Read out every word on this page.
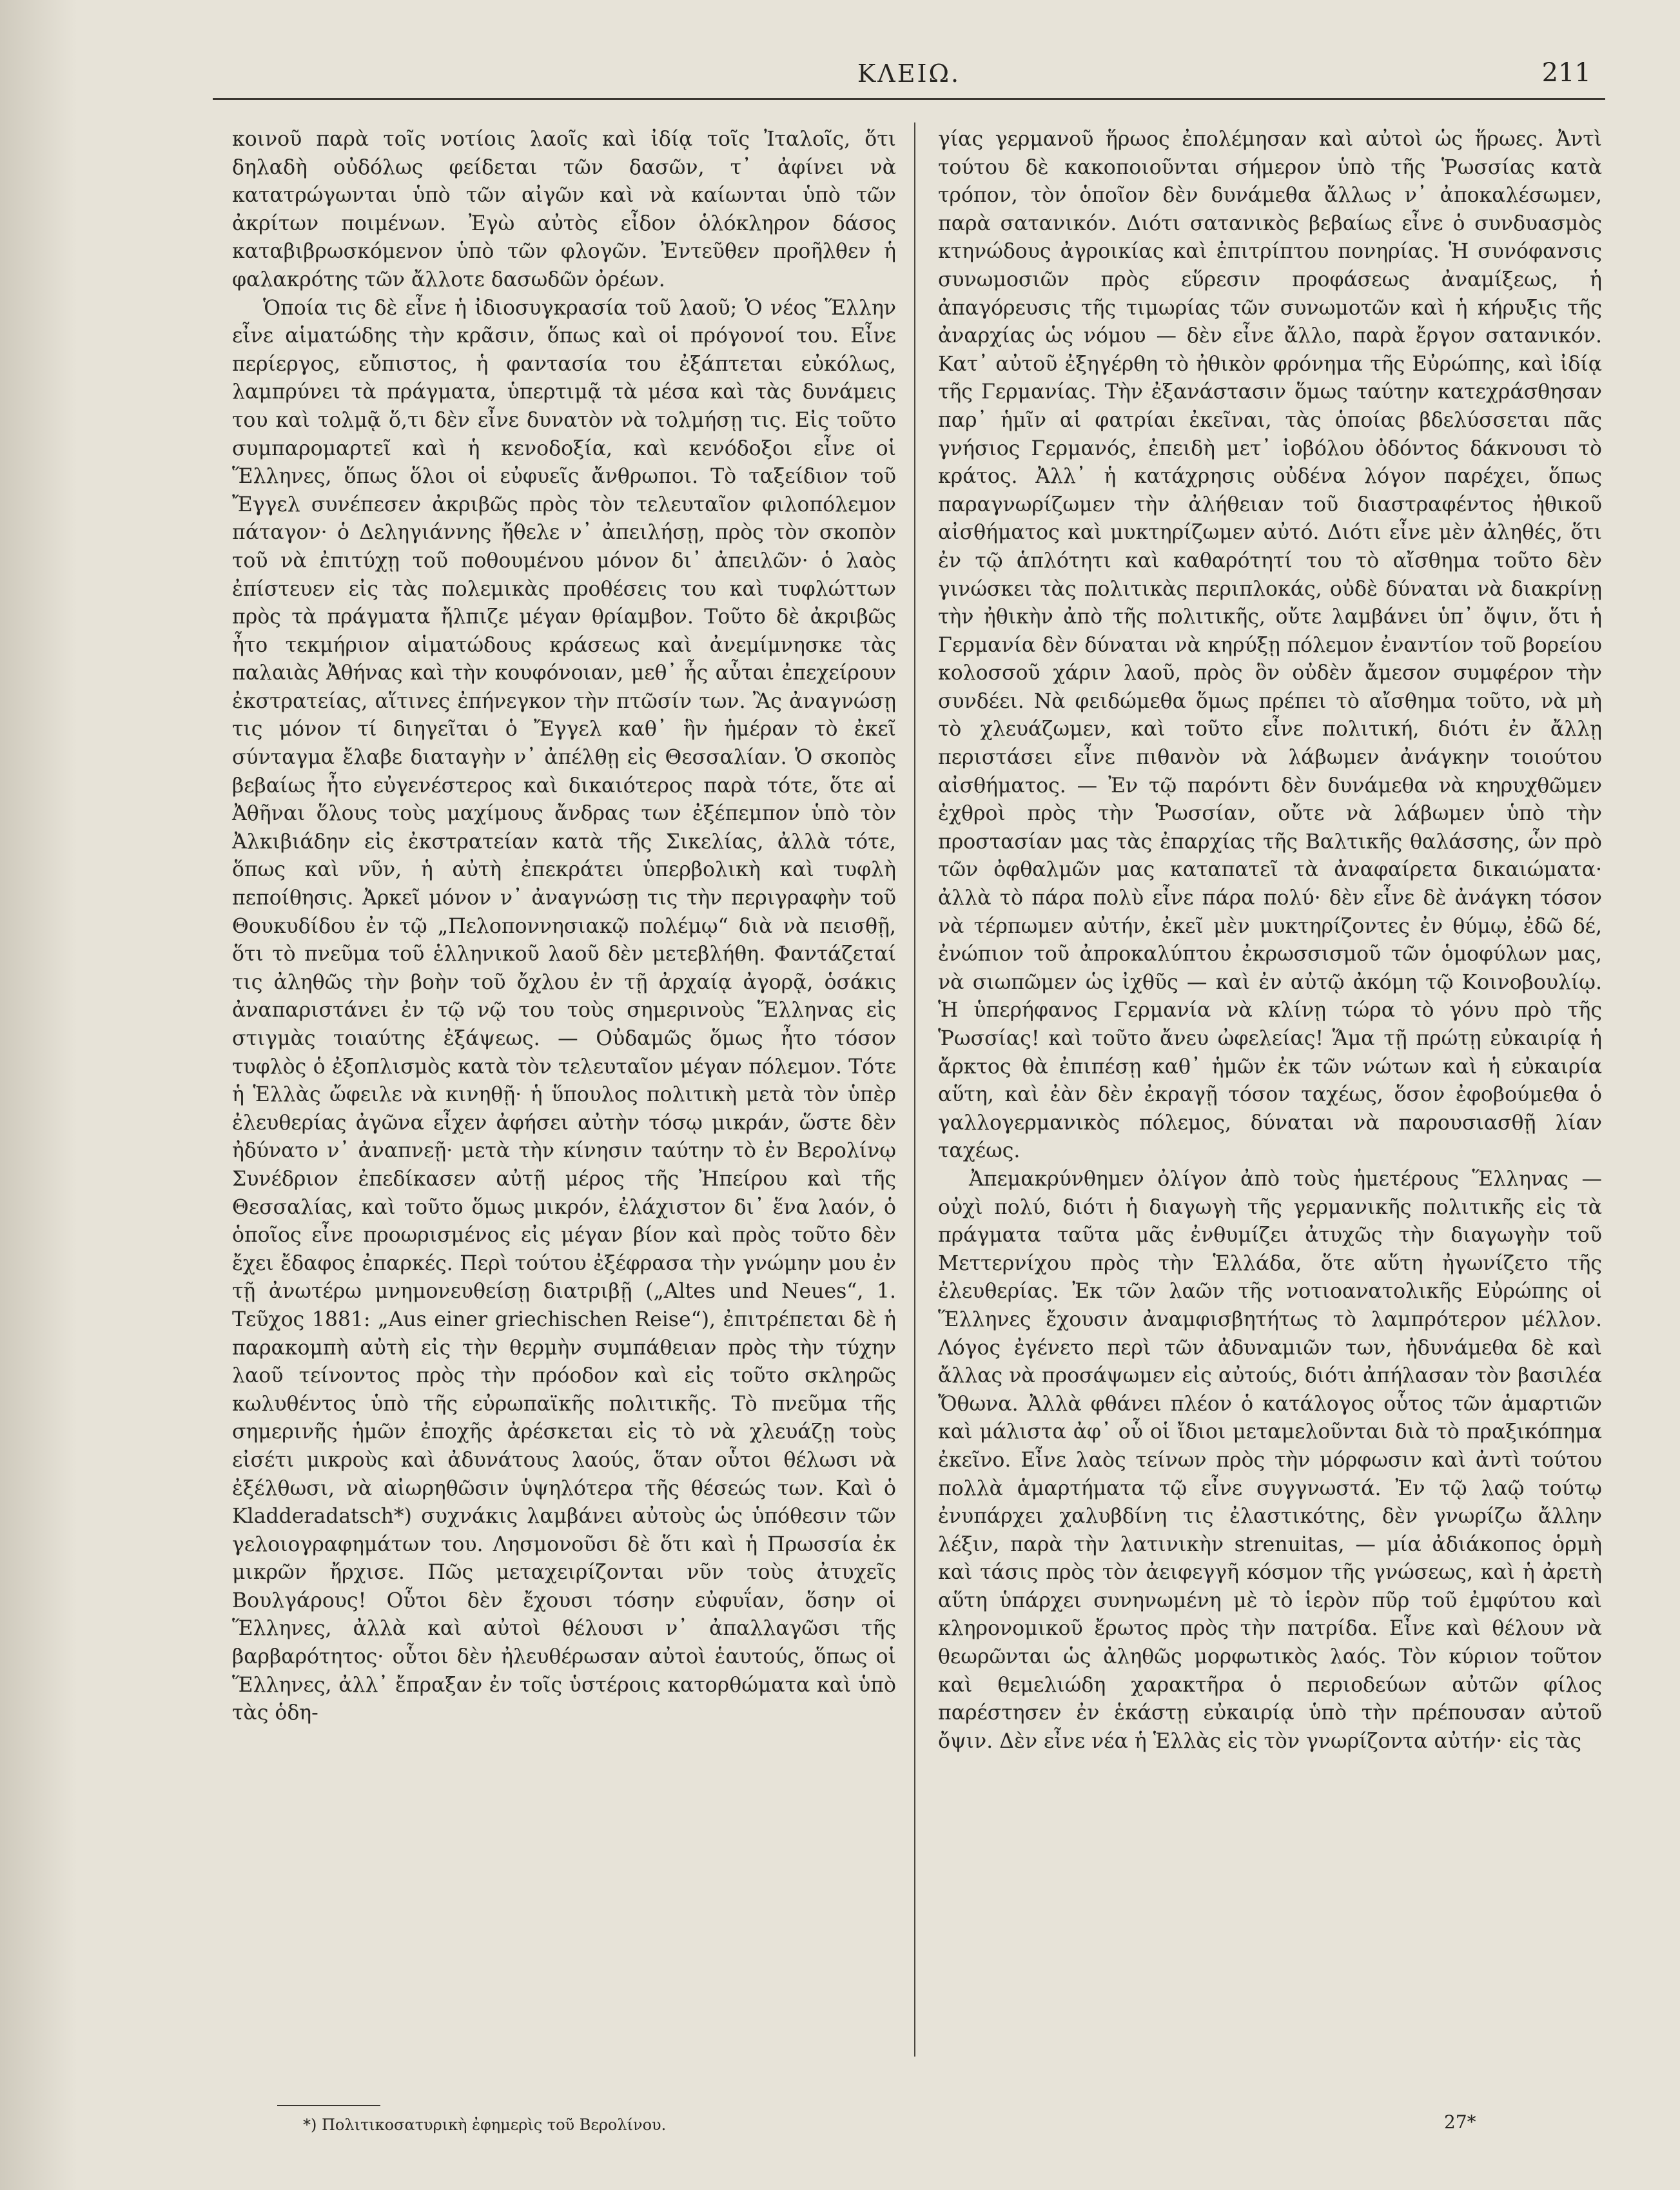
ΚΛΕΙΩ.	211

κοινοῦ παρὰ τοῖς νοτίοις λαοῖς καὶ ἰδίᾳ τοῖς Ἰταλοῖς, ὅτι δηλαδὴ οὐδόλως φείδεται τῶν δασῶν, τ᾿ ἀφίνει νὰ κατατρώγωνται ὑπὸ τῶν αἰγῶν καὶ νὰ καίωνται ὑπὸ τῶν ἀκρίτων ποιμένων. Ἐγὼ αὐτὸς εἶδον ὁλόκληρον δάσος καταβιβρωσκόμενον ὑπὸ τῶν φλογῶν. Ἐντεῦθεν προῆλθεν ἡ φαλακρότης τῶν ἄλλοτε δασωδῶν ὀρέων.

Ὁποία τις δὲ εἶνε ἡ ἰδιοσυγκρασία τοῦ λαοῦ; Ὁ νέος Ἕλλην εἶνε αἱματώδης τὴν κρᾶσιν, ὅπως καὶ οἱ πρόγονοί του. Εἶνε περίεργος, εὔπιστος, ἡ φαντασία του ἐξάπτεται εὐκόλως, λαμπρύνει τὰ πράγματα, ὑπερτιμᾷ τὰ μέσα καὶ τὰς δυνάμεις του καὶ τολμᾷ ὅ,τι δὲν εἶνε δυνατὸν νὰ τολμήσῃ τις. Εἰς τοῦτο συμπαρομαρτεῖ καὶ ἡ κενοδοξία, καὶ κενόδοξοι εἶνε οἱ Ἕλληνες, ὅπως ὅλοι οἱ εὐφυεῖς ἄνθρωποι. Τὸ ταξείδιον τοῦ Ἔγγελ συνέπεσεν ἀκριβῶς πρὸς τὸν τελευταῖον φιλοπόλεμον πάταγον· ὁ Δεληγιάννης ἤθελε ν᾿ ἀπειλήσῃ, πρὸς τὸν σκοπὸν τοῦ νὰ ἐπιτύχῃ τοῦ ποθουμένου μόνον δι᾿ ἀπειλῶν· ὁ λαὸς ἐπίστευεν εἰς τὰς πολεμικὰς προθέσεις του καὶ τυφλώττων πρὸς τὰ πράγματα ἤλπιζε μέγαν θρίαμβον. Τοῦτο δὲ ἀκριβῶς ἦτο τεκμήριον αἱματώδους κράσεως καὶ ἀνεμίμνησκε τὰς παλαιὰς Ἀθήνας καὶ τὴν κουφόνοιαν, μεθ᾿ ἧς αὗται ἐπεχείρουν ἐκστρατείας, αἵτινες ἐπήνεγκον τὴν πτῶσίν των. Ἂς ἀναγνώσῃ τις μόνον τί διηγεῖται ὁ Ἔγγελ καθ᾿ ἣν ἡμέραν τὸ ἐκεῖ σύνταγμα ἔλαβε διαταγὴν ν᾿ ἀπέλθῃ εἰς Θεσσαλίαν. Ὁ σκοπὸς βεβαίως ἦτο εὐγενέστερος καὶ δικαιότερος παρὰ τότε, ὅτε αἱ Ἀθῆναι ὅλους τοὺς μαχίμους ἄνδρας των ἐξέπεμπον ὑπὸ τὸν Ἀλκιβιάδην εἰς ἐκστρατείαν κατὰ τῆς Σικελίας, ἀλλὰ τότε, ὅπως καὶ νῦν, ἡ αὐτὴ ἐπεκράτει ὑπερβολικὴ καὶ τυφλὴ πεποίθησις. Ἀρκεῖ μόνον ν᾿ ἀναγνώσῃ τις τὴν περιγραφὴν τοῦ Θουκυδίδου ἐν τῷ „Πελοποννησιακῷ πολέμῳ“ διὰ νὰ πεισθῇ, ὅτι τὸ πνεῦμα τοῦ ἑλληνικοῦ λαοῦ δὲν μετεβλήθη. Φαντάζεταί τις ἀληθῶς τὴν βοὴν τοῦ ὄχλου ἐν τῇ ἀρχαίᾳ ἀγορᾷ, ὁσάκις ἀναπαριστάνει ἐν τῷ νῷ του τοὺς σημερινοὺς Ἕλληνας εἰς στιγμὰς τοιαύτης ἐξάψεως. — Οὐδαμῶς ὅμως ἦτο τόσον τυφλὸς ὁ ἐξοπλισμὸς κατὰ τὸν τελευταῖον μέγαν πόλεμον. Τότε ἡ Ἑλλὰς ὤφειλε νὰ κινηθῇ· ἡ ὕπουλος πολιτικὴ μετὰ τὸν ὑπὲρ ἐλευθερίας ἀγῶνα εἶχεν ἀφήσει αὐτὴν τόσῳ μικράν, ὥστε δὲν ἠδύνατο ν᾿ ἀναπνεῇ· μετὰ τὴν κίνησιν ταύτην τὸ ἐν Βερολίνῳ Συνέδριον ἐπεδίκασεν αὐτῇ μέρος τῆς Ἠπείρου καὶ τῆς Θεσσαλίας, καὶ τοῦτο ὅμως μικρόν, ἐλάχιστον δι᾿ ἕνα λαόν, ὁ ὁποῖος εἶνε προωρισμένος εἰς μέγαν βίον καὶ πρὸς τοῦτο δὲν ἔχει ἔδαφος ἐπαρκές. Περὶ τούτου ἐξέφρασα τὴν γνώμην μου ἐν τῇ ἀνωτέρω μνημονευθείσῃ διατριβῇ („Altes und Neues“, 1. Τεῦχος 1881: „Aus einer griechischen Reise“), ἐπιτρέπεται δὲ ἡ παρακομπὴ αὐτὴ εἰς τὴν θερμὴν συμπάθειαν πρὸς τὴν τύχην λαοῦ τείνοντος πρὸς τὴν πρόοδον καὶ εἰς τοῦτο σκληρῶς κωλυθέντος ὑπὸ τῆς εὐρωπαϊκῆς πολιτικῆς. Τὸ πνεῦμα τῆς σημερινῆς ἡμῶν ἐποχῆς ἀρέσκεται εἰς τὸ νὰ χλευάζῃ τοὺς εἰσέτι μικροὺς καὶ ἀδυνάτους λαούς, ὅταν οὗτοι θέλωσι νὰ ἐξέλθωσι, νὰ αἰωρηθῶσιν ὑψηλότερα τῆς θέσεώς των. Καὶ ὁ Kladderadatsch*) συχνάκις λαμβάνει αὐτοὺς ὡς ὑπόθεσιν τῶν γελοιογραφημάτων του. Λησμονοῦσι δὲ ὅτι καὶ ἡ Πρωσσία ἐκ μικρῶν ἤρχισε. Πῶς μεταχειρίζονται νῦν τοὺς ἀτυχεῖς Βουλγάρους! Οὗτοι δὲν ἔχουσι τόσην εὐφυΐαν, ὅσην οἱ Ἕλληνες, ἀλλὰ καὶ αὐτοὶ θέλουσι ν᾿ ἀπαλλαγῶσι τῆς βαρβαρότητος· οὗτοι δὲν ἠλευθέρωσαν αὐτοὶ ἑαυτούς, ὅπως οἱ Ἕλληνες, ἀλλ᾿ ἔπραξαν ἐν τοῖς ὑστέροις κατορθώματα καὶ ὑπὸ τὰς ὁδη-

γίας γερμανοῦ ἥρωος ἐπολέμησαν καὶ αὐτοὶ ὡς ἥρωες. Ἀντὶ τούτου δὲ κακοποιοῦνται σήμερον ὑπὸ τῆς Ῥωσσίας κατὰ τρόπον, τὸν ὁποῖον δὲν δυνάμεθα ἄλλως ν᾿ ἀποκαλέσωμεν, παρὰ σατανικόν. Διότι σατανικὸς βεβαίως εἶνε ὁ συνδυασμὸς κτηνώδους ἀγροικίας καὶ ἐπιτρίπτου πονηρίας. Ἡ συνόφανσις συνωμοσιῶν πρὸς εὕρεσιν προφάσεως ἀναμίξεως, ἡ ἀπαγόρευσις τῆς τιμωρίας τῶν συνωμοτῶν καὶ ἡ κήρυξις τῆς ἀναρχίας ὡς νόμου — δὲν εἶνε ἄλλο, παρὰ ἔργον σατανικόν. Κατ᾿ αὐτοῦ ἐξηγέρθη τὸ ἠθικὸν φρόνημα τῆς Εὐρώπης, καὶ ἰδίᾳ τῆς Γερμανίας. Τὴν ἐξανάστασιν ὅμως ταύτην κατεχράσθησαν παρ᾿ ἡμῖν αἱ φατρίαι ἐκεῖναι, τὰς ὁποίας βδελύσσεται πᾶς γνήσιος Γερμανός, ἐπειδὴ μετ᾿ ἰοβόλου ὀδόντος δάκνουσι τὸ κράτος. Ἀλλ᾿ ἡ κατάχρησις οὐδένα λόγον παρέχει, ὅπως παραγνωρίζωμεν τὴν ἀλήθειαν τοῦ διαστραφέντος ἠθικοῦ αἰσθήματος καὶ μυκτηρίζωμεν αὐτό. Διότι εἶνε μὲν ἀληθές, ὅτι ἐν τῷ ἁπλότητι καὶ καθαρότητί του τὸ αἴσθημα τοῦτο δὲν γινώσκει τὰς πολιτικὰς περιπλοκάς, οὐδὲ δύναται νὰ διακρίνῃ τὴν ἠθικὴν ἀπὸ τῆς πολιτικῆς, οὔτε λαμβάνει ὑπ᾿ ὄψιν, ὅτι ἡ Γερμανία δὲν δύναται νὰ κηρύξῃ πόλεμον ἐναντίον τοῦ βορείου κολοσσοῦ χάριν λαοῦ, πρὸς ὃν οὐδὲν ἄμεσον συμφέρον τὴν συνδέει. Νὰ φειδώμεθα ὅμως πρέπει τὸ αἴσθημα τοῦτο, νὰ μὴ τὸ χλευάζωμεν, καὶ τοῦτο εἶνε πολιτική, διότι ἐν ἄλλῃ περιστάσει εἶνε πιθανὸν νὰ λάβωμεν ἀνάγκην τοιούτου αἰσθήματος. — Ἐν τῷ παρόντι δὲν δυνάμεθα νὰ κηρυχθῶμεν ἐχθροὶ πρὸς τὴν Ῥωσσίαν, οὔτε νὰ λάβωμεν ὑπὸ τὴν προστασίαν μας τὰς ἐπαρχίας τῆς Βαλτικῆς θαλάσσης, ὧν πρὸ τῶν ὀφθαλμῶν μας καταπατεῖ τὰ ἀναφαίρετα δικαιώματα· ἀλλὰ τὸ πάρα πολὺ εἶνε πάρα πολύ· δὲν εἶνε δὲ ἀνάγκη τόσον νὰ τέρπωμεν αὐτήν, ἐκεῖ μὲν μυκτηρίζοντες ἐν θύμῳ, ἐδῶ δέ, ἐνώπιον τοῦ ἀπροκαλύπτου ἐκρωσσισμοῦ τῶν ὁμοφύλων μας, νὰ σιωπῶμεν ὡς ἰχθῦς — καὶ ἐν αὐτῷ ἀκόμη τῷ Κοινοβουλίῳ. Ἡ ὑπερήφανος Γερμανία νὰ κλίνῃ τώρα τὸ γόνυ πρὸ τῆς Ῥωσσίας! καὶ τοῦτο ἄνευ ὠφελείας! Ἅμα τῇ πρώτῃ εὐκαιρίᾳ ἡ ἄρκτος θὰ ἐπιπέσῃ καθ᾿ ἡμῶν ἐκ τῶν νώτων καὶ ἡ εὐκαιρία αὕτη, καὶ ἐὰν δὲν ἐκραγῇ τόσον ταχέως, ὅσον ἐφοβούμεθα ὁ γαλλογερμανικὸς πόλεμος, δύναται νὰ παρουσιασθῇ λίαν ταχέως.

Ἀπεμακρύνθημεν ὀλίγον ἀπὸ τοὺς ἡμετέρους Ἕλληνας — οὐχὶ πολύ, διότι ἡ διαγωγὴ τῆς γερμανικῆς πολιτικῆς εἰς τὰ πράγματα ταῦτα μᾶς ἐνθυμίζει ἀτυχῶς τὴν διαγωγὴν τοῦ Μεττερνίχου πρὸς τὴν Ἑλλάδα, ὅτε αὕτη ἠγωνίζετο τῆς ἐλευθερίας. Ἐκ τῶν λαῶν τῆς νοτιοανατολικῆς Εὐρώπης οἱ Ἕλληνες ἔχουσιν ἀναμφισβητήτως τὸ λαμπρότερον μέλλον. Λόγος ἐγένετο περὶ τῶν ἀδυναμιῶν των, ἠδυνάμεθα δὲ καὶ ἄλλας νὰ προσάψωμεν εἰς αὐτούς, διότι ἀπήλασαν τὸν βασιλέα Ὄθωνα. Ἀλλὰ φθάνει πλέον ὁ κατάλογος οὗτος τῶν ἁμαρτιῶν καὶ μάλιστα ἀφ᾿ οὗ οἱ ἴδιοι μεταμελοῦνται διὰ τὸ πραξικόπημα ἐκεῖνο. Εἶνε λαὸς τείνων πρὸς τὴν μόρφωσιν καὶ ἀντὶ τούτου πολλὰ ἁμαρτήματα τῷ εἶνε συγγνωστά. Ἐν τῷ λαῷ τούτῳ ἐνυπάρχει χαλυβδίνη τις ἐλαστικότης, δὲν γνωρίζω ἄλλην λέξιν, παρὰ τὴν λατινικὴν strenuitas, — μία ἀδιάκοπος ὁρμὴ καὶ τάσις πρὸς τὸν ἀειφεγγῆ κόσμον τῆς γνώσεως, καὶ ἡ ἀρετὴ αὕτη ὑπάρχει συνηνωμένη μὲ τὸ ἱερὸν πῦρ τοῦ ἐμφύτου καὶ κληρονομικοῦ ἔρωτος πρὸς τὴν πατρίδα. Εἶνε καὶ θέλουν νὰ θεωρῶνται ὡς ἀληθῶς μορφωτικὸς λαός. Τὸν κύριον τοῦτον καὶ θεμελιώδη χαρακτῆρα ὁ περιοδεύων αὐτῶν φίλος παρέστησεν ἐν ἑκάστῃ εὐκαιρίᾳ ὑπὸ τὴν πρέπουσαν αὐτοῦ ὄψιν. Δὲν εἶνε νέα ἡ Ἑλλὰς εἰς τὸν γνωρίζοντα αὐτήν· εἰς τὰς

*) Πολιτικοσατυρικὴ ἐφημερὶς τοῦ Βερολίνου.	27*
